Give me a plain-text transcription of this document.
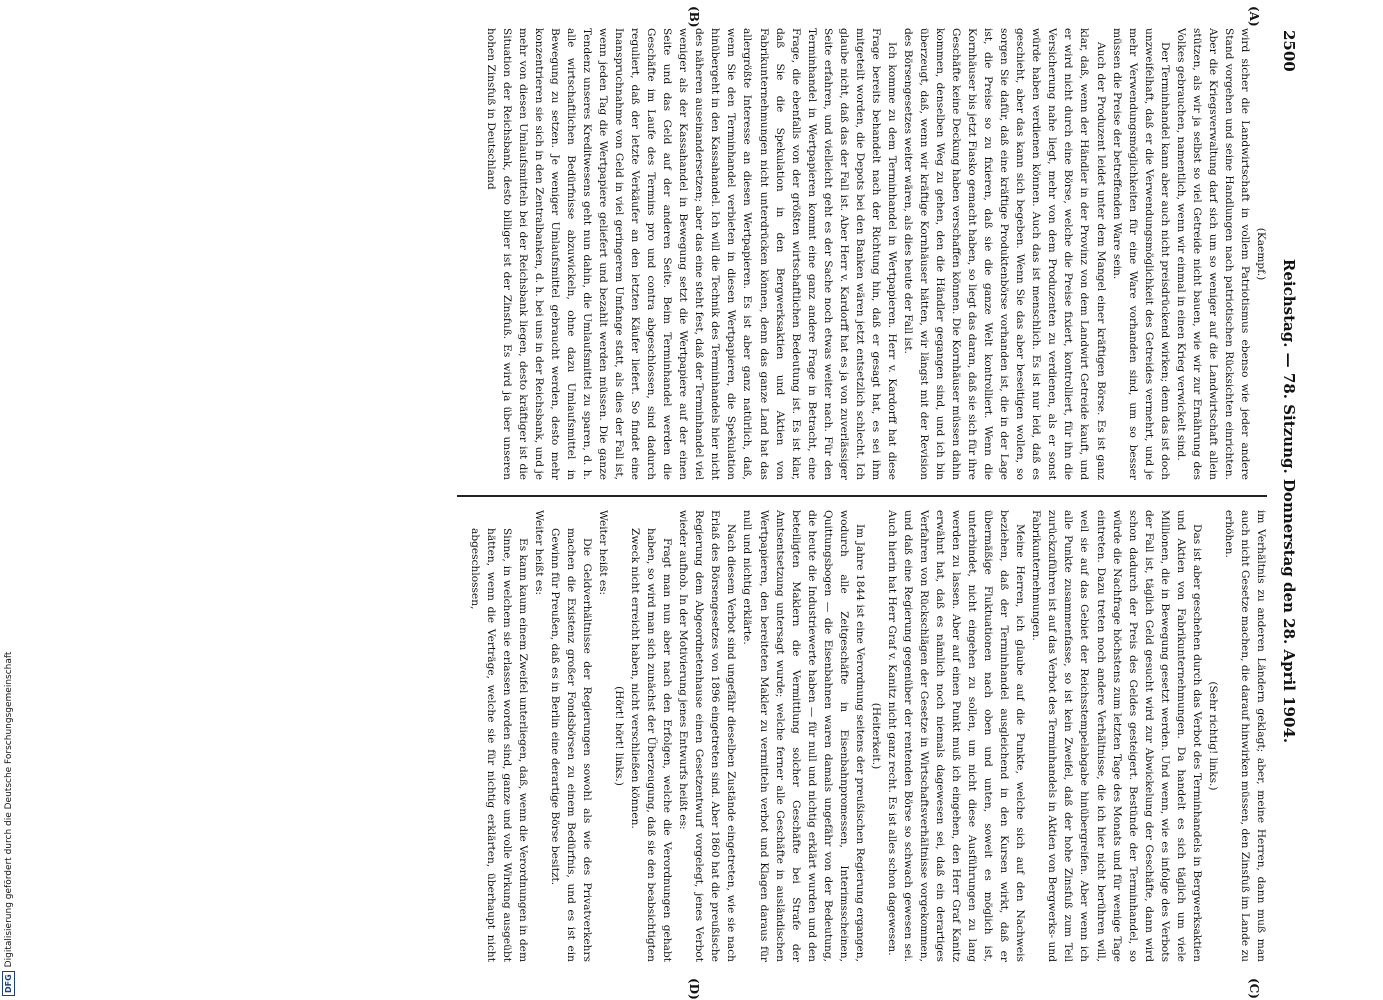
2500
Reichstag. — 78. Sitzung. Donnerstag den 28. April 1904.
(A)
(B)
(C)
(D)

(Kaempf.)

wird sicher die Landwirtschaft in vollem Patriotismus ebenso wie jeder andere Stand vorgehen und seine Handlungen nach patriotischen Rücksichten einrichten. Aber die Kriegsverwaltung darf sich um so weniger auf die Landwirtschaft allein stützen, als wir ja selbst so viel Getreide nicht bauen, wie wir zur Ernährung des Volkes gebrauchen, namentlich, wenn wir einmal in einen Krieg verwickelt sind.

Der Terminhandel kann aber auch nicht preisdrückend wirken; denn das ist doch unzweifelhaft, daß er die Verwendungsmöglichkeit des Getreides vermehrt, und je mehr Verwendungsmöglichkeiten für eine Ware vorhanden sind, um so besser müssen die Preise der betreffenden Ware sein.

Auch der Produzent leidet unter dem Mangel einer kräftigen Börse. Es ist ganz klar, daß, wenn der Händler in der Provinz von dem Landwirt Getreide kauft, und er wird nicht durch eine Börse, welche die Preise fixiert, kontrolliert, für ihn die Versicherung nahe liegt, mehr von dem Produzenten zu verdienen, als er sonst würde haben verdienen können. Auch das ist menschlich. Es ist nur leid, daß es geschieht, aber das kann sich begeben. Wenn Sie das aber beseitigen wollen, so sorgen Sie dafür, daß eine kräftige Produktenbörse vorhanden ist, die in der Lage ist, die Preise so zu fixieren, daß sie die ganze Welt kontrolliert. Wenn die Kornhäuser bis jetzt Fiasko gemacht haben, so liegt das daran, daß sie sich für ihre Geschäfte keine Deckung haben verschaffen können. Die Kornhäuser müssen dahin kommen, denselben Weg zu gehen, den die Händler gegangen sind, und ich bin überzeugt, daß, wenn wir kräftige Kornhäuser hätten, wir längst mit der Revision des Börsengesetzes weiter wären, als dies heute der Fall ist.

Ich komme zu dem Terminhandel in Wertpapieren. Herr v. Kardorff hat diese Frage bereits behandelt nach der Richtung hin, daß er gesagt hat, es sei ihm mitgeteilt worden, die Depots bei den Banken wären jetzt entsetzlich schlecht. Ich glaube nicht, daß das der Fall ist. Aber Herr v. Kardorff hat es ja von zuverlässiger Seite erfahren, und vielleicht geht es der Sache noch etwas weiter nach. Für den Terminhandel in Wertpapieren kommt eine ganz andere Frage in Betracht, eine Frage, die ebenfalls von der größten wirtschaftlichen Bedeutung ist. Es ist klar, daß Sie die Spekulation in den Bergwerksaktien und Aktien von Fabrikunternehmungen nicht unterdrücken können, denn das ganze Land hat das allergrößte Interesse an diesen Wertpapieren. Es ist aber ganz natürlich, daß, wenn Sie den Terminhandel verbieten in diesen Wertpapieren, die Spekulation hinübergeht in den Kassahandel. Ich will die Technik des Terminhandels hier nicht des näheren auseinandersetzen; aber das eine steht fest, daß der Terminhandel viel weniger als der Kassahandel in Bewegung setzt die Wertpapiere auf der einen Seite und das Geld auf der anderen Seite. Beim Terminhandel werden die Geschäfte im Laufe des Termins pro und contra abgeschlossen, sind dadurch reguliert, daß der letzte Verkäufer an den letzten Käufer liefert. So findet eine Inanspruchnahme von Geld in viel geringerem Umfange statt, als dies der Fall ist, wenn jeden Tag die Wertpapiere geliefert und bezahlt werden müssen. Die ganze Tendenz unseres Kreditwesens geht nun dahin, die Umlaufsmittel zu sparen, d. h. alle wirtschaftlichen Bedürfnisse abzuwickeln, ohne dazu Umlaufsmittel in Bewegung zu setzen. Je weniger Umlaufsmittel gebraucht werden, desto mehr konzentrieren sie sich in den Zentralbanken, d. h. bei uns in der Reichsbank, und je mehr von diesen Umlaufsmitteln bei der Reichsbank liegen, desto kräftiger ist die Situation der Reichsbank, desto billiger ist der Zinsfuß. Es wird ja über unseren hohen Zinsfuß in Deutschland

im Verhältnis zu anderen Ländern geklagt; aber, meine Herren, dann muß man auch nicht Gesetze machen, die darauf hinwirken müssen, den Zinsfuß im Lande zu erhöhen.

(Sehr richtig! links.)

Das ist aber geschehen durch das Verbot des Terminhandels in Bergwerksaktien und Aktien von Fabrikunternehmungen. Da handelt es sich täglich um viele Millionen, die in Bewegung gesetzt werden. Und wenn, wie es infolge des Verbots der Fall ist, täglich Geld gesucht wird zur Abwickelung der Geschäfte, dann wird schon dadurch der Preis des Geldes gesteigert. Bestünde der Terminhandel, so würde die Nachfrage höchstens zum letzten Tage des Monats und für wenige Tage eintreten. Dazu treten noch andere Verhältnisse, die ich hier nicht berühren will, weil sie auf das Gebiet der Reichsstempelabgabe hinübergreifen. Aber wenn ich alle Punkte zusammenfasse, so ist kein Zweifel, daß der hohe Zinsfuß zum Teil zurückzuführen ist auf das Verbot des Terminhandels in Aktien von Bergwerks- und Fabrikunternehmungen.

Meine Herren, ich glaube auf die Punkte, welche sich auf den Nachweis beziehen, daß der Terminhandel ausgleichend in den Kursen wirkt, daß er übermäßige Fluktuationen nach oben und unten, soweit es möglich ist, unterbindet, nicht eingehen zu sollen, um nicht diese Ausführungen zu lang werden zu lassen. Aber auf einen Punkt muß ich eingehen, den Herr Graf Kanitz erwähnt hat, daß es nämlich noch niemals dagewesen sei, daß ein derartiges Verfahren von Rückschlägen der Gesetze in Wirtschaftsverhältnisse vorgekommen, und daß eine Regierung gegenüber der rentenden Börse so schwach gewesen sei. Auch hierin hat Herr Graf v. Kanitz nicht ganz recht. Es ist alles schon dagewesen.

(Heiterkeit.)

Im Jahre 1844 ist eine Verordnung seitens der preußischen Regierung ergangen, wodurch alle Zeitgeschäfte in Eisenbahnpromessen, Interimsscheinen, Quittungsbogen — die Eisenbahnen waren damals ungefähr von der Bedeutung, die heute die Industriewerte haben — für null und nichtig erklärt wurden und den beteiligten Maklern die Vermittlung solcher Geschäfte bei Strafe der Amtsentsetzung untersagt wurde; welche ferner alle Geschäfte in ausländischen Wertpapieren, den bereiteten Makler zu vermitteln verbot und Klagen daraus für null und nichtig erklärte.

Nach diesem Verbot sind ungefähr dieselben Zustände eingetreten, wie sie nach Erlaß des Börsengesetzes von 1896 eingetreten sind. Aber 1860 hat die preußische Regierung dem Abgeordnetenhause einen Gesetzentwurf vorgelegt, jenes Verbot wieder aufhob. In der Motivierung jenes Entwurfs heißt es:

Fragt man nun aber nach den Erfolgen, welche die Verordnungen gehabt haben, so wird man sich zunächst der Überzeugung, daß sie den beabsichtigten Zweck nicht erreicht haben, nicht verschließen können.

(Hört! hört! links.)

Weiter heißt es:

Die Geldverhältnisse der Regierungen sowohl als wie des Privatverkehrs machen die Existenz großer Fondsbörsen zu einem Bedürfnis, und es ist ein Gewinn für Preußen, daß es in Berlin eine derartige Börse besitzt.

Weiter heißt es:

Es kann kaum einem Zweifel unterliegen, daß, wenn die Verordnungen in dem Sinne, in welchem sie erlassen worden sind, ganze und volle Wirkung ausgeübt hätten, wenn die Verträge, welche sie für nichtig erklärten, überhaupt nicht abgeschlossen,

DFGDigitalisierung gefördert durch die Deutsche Forschungsgemeinschaft
